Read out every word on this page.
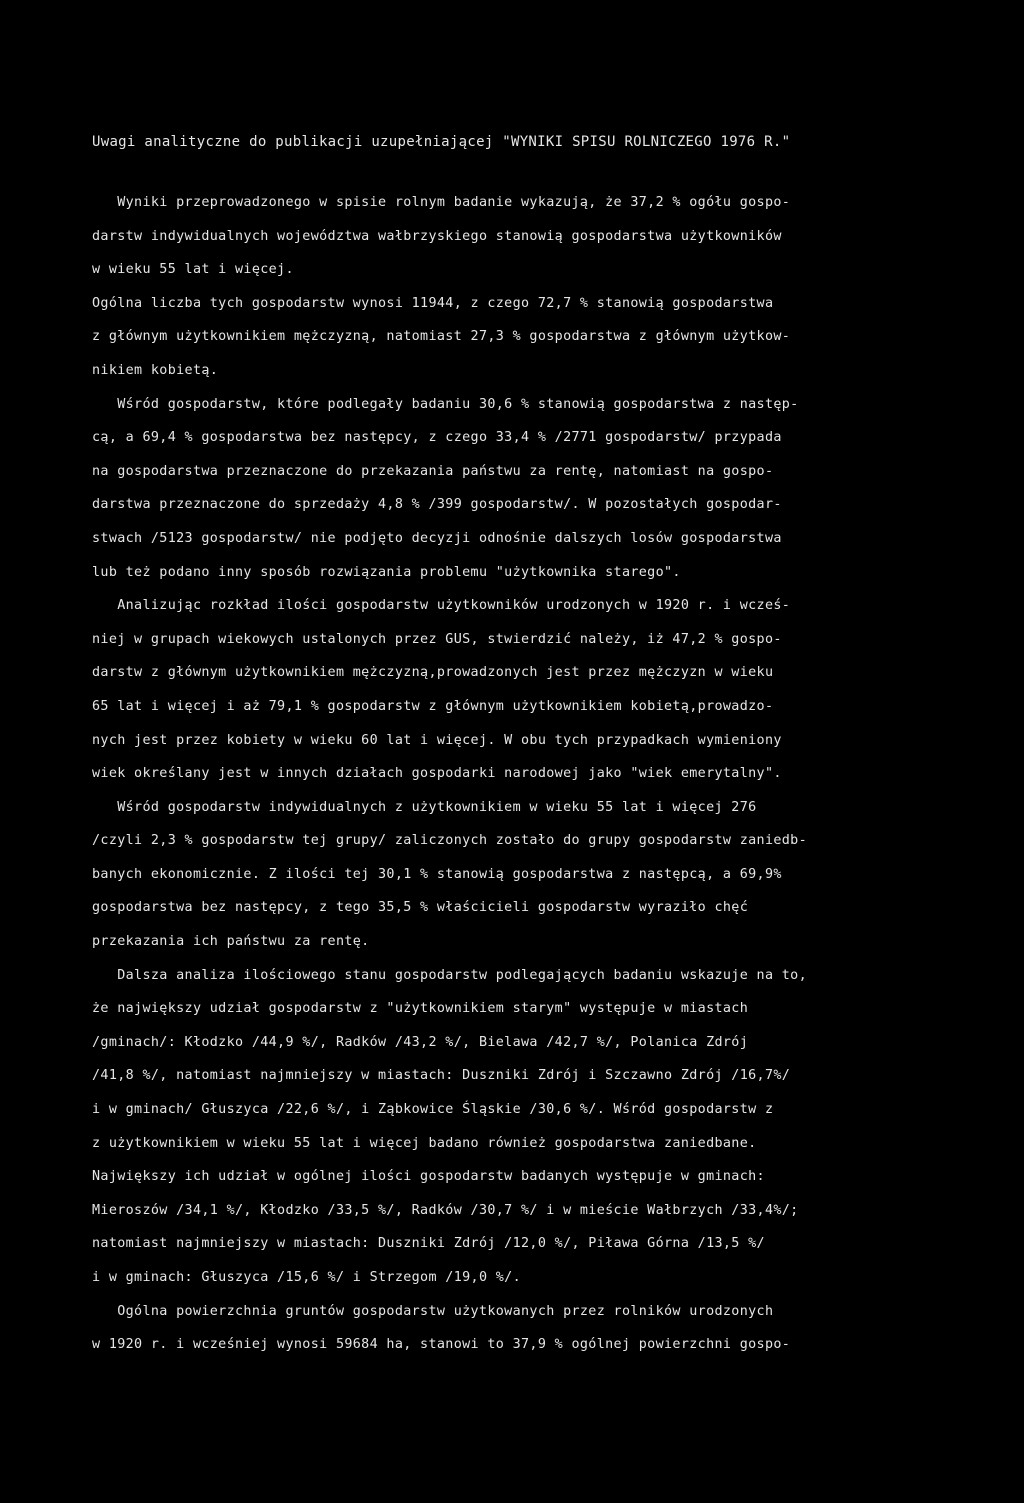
Uwagi analityczne do publikacji uzupełniającej "WYNIKI SPISU ROLNICZEGO 1976 R."
Wyniki przeprowadzonego w spisie rolnym badanie wykazują, że 37,2 % ogółu gospo-
darstw indywidualnych województwa wałbrzyskiego stanowią gospodarstwa użytkowników
w wieku 55 lat i więcej.
Ogólna liczba tych gospodarstw wynosi 11944, z czego 72,7 % stanowią gospodarstwa
z głównym użytkownikiem mężczyzną, natomiast 27,3 % gospodarstwa z głównym użytkow-
nikiem kobietą.
Wśród gospodarstw, które podlegały badaniu 30,6 % stanowią gospodarstwa z następ-
cą, a 69,4 % gospodarstwa bez następcy, z czego 33,4 % /2771 gospodarstw/ przypada
na gospodarstwa przeznaczone do przekazania państwu za rentę, natomiast na gospo-
darstwa przeznaczone do sprzedaży 4,8 % /399 gospodarstw/. W pozostałych gospodar-
stwach /5123 gospodarstw/ nie podjęto decyzji odnośnie dalszych losów gospodarstwa
lub też podano inny sposób rozwiązania problemu "użytkownika starego".
Analizując rozkład ilości gospodarstw użytkowników urodzonych w 1920 r. i wcześ-
niej w grupach wiekowych ustalonych przez GUS, stwierdzić należy, iż 47,2 % gospo-
darstw z głównym użytkownikiem mężczyzną,prowadzonych jest przez mężczyzn w wieku
65 lat i więcej i aż 79,1 % gospodarstw z głównym użytkownikiem kobietą,prowadzo-
nych jest przez kobiety w wieku 60 lat i więcej. W obu tych przypadkach wymieniony
wiek określany jest w innych działach gospodarki narodowej jako "wiek emerytalny".
Wśród gospodarstw indywidualnych z użytkownikiem w wieku 55 lat i więcej 276
/czyli 2,3 % gospodarstw tej grupy/ zaliczonych zostało do grupy gospodarstw zaniedb-
banych ekonomicznie. Z ilości tej 30,1 % stanowią gospodarstwa z następcą, a 69,9%
gospodarstwa bez następcy, z tego 35,5 % właścicieli gospodarstw wyraziło chęć
przekazania ich państwu za rentę.
Dalsza analiza ilościowego stanu gospodarstw podlegających badaniu wskazuje na to,
że największy udział gospodarstw z "użytkownikiem starym" występuje w miastach
/gminach/: Kłodzko /44,9 %/, Radków /43,2 %/, Bielawa /42,7 %/, Polanica Zdrój
/41,8 %/, natomiast najmniejszy w miastach: Duszniki Zdrój i Szczawno Zdrój /16,7%/
i w gminach/ Głuszyca /22,6 %/, i Ząbkowice Śląskie /30,6 %/. Wśród gospodarstw z
z użytkownikiem w wieku 55 lat i więcej badano również gospodarstwa zaniedbane.
Największy ich udział w ogólnej ilości gospodarstw badanych występuje w gminach:
Mieroszów /34,1 %/, Kłodzko /33,5 %/, Radków /30,7 %/ i w mieście Wałbrzych /33,4%/;
natomiast najmniejszy w miastach: Duszniki Zdrój /12,0 %/, Piława Górna /13,5 %/
i w gminach: Głuszyca /15,6 %/ i Strzegom /19,0 %/.
Ogólna powierzchnia gruntów gospodarstw użytkowanych przez rolników urodzonych
w 1920 r. i wcześniej wynosi 59684 ha, stanowi to 37,9 % ogólnej powierzchni gospo-
